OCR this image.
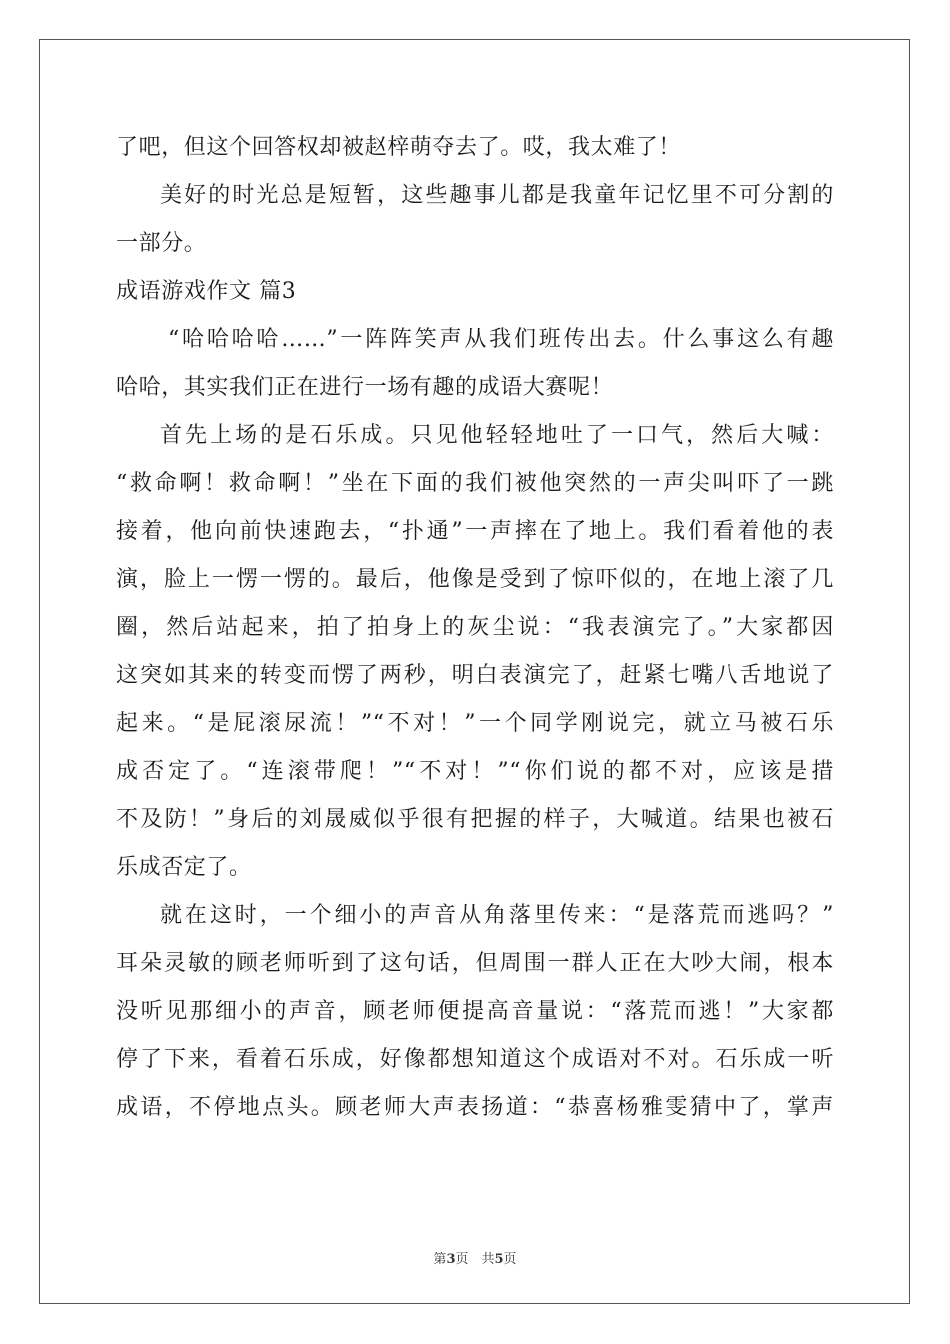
了吧，但这个回答权却被赵梓萌夺去了。哎，我太难了！
美好的时光总是短暂，这些趣事儿都是我童年记忆里不可分割的
一部分。
成语游戏作文 篇3
“哈哈哈哈……”一阵阵笑声从我们班传出去。什么事这么有趣
哈哈，其实我们正在进行一场有趣的成语大赛呢！
首先上场的是石乐成。只见他轻轻地吐了一口气，然后大喊：
“救命啊！救命啊！”坐在下面的我们被他突然的一声尖叫吓了一跳
接着，他向前快速跑去，“扑通”一声摔在了地上。我们看着他的表
演，脸上一愣一愣的。最后，他像是受到了惊吓似的，在地上滚了几
圈，然后站起来，拍了拍身上的灰尘说：“我表演完了。”大家都因
这突如其来的转变而愣了两秒，明白表演完了，赶紧七嘴八舌地说了
起来。“是屁滚尿流！”“不对！”一个同学刚说完，就立马被石乐
成否定了。“连滚带爬！”“不对！”“你们说的都不对，应该是措
不及防！”身后的刘晟威似乎很有把握的样子，大喊道。结果也被石
乐成否定了。
就在这时，一个细小的声音从角落里传来：“是落荒而逃吗？”
耳朵灵敏的顾老师听到了这句话，但周围一群人正在大吵大闹，根本
没听见那细小的声音，顾老师便提高音量说：“落荒而逃！”大家都
停了下来，看着石乐成，好像都想知道这个成语对不对。石乐成一听
成语，不停地点头。顾老师大声表扬道：“恭喜杨雅雯猜中了，掌声
第3页　共5页
